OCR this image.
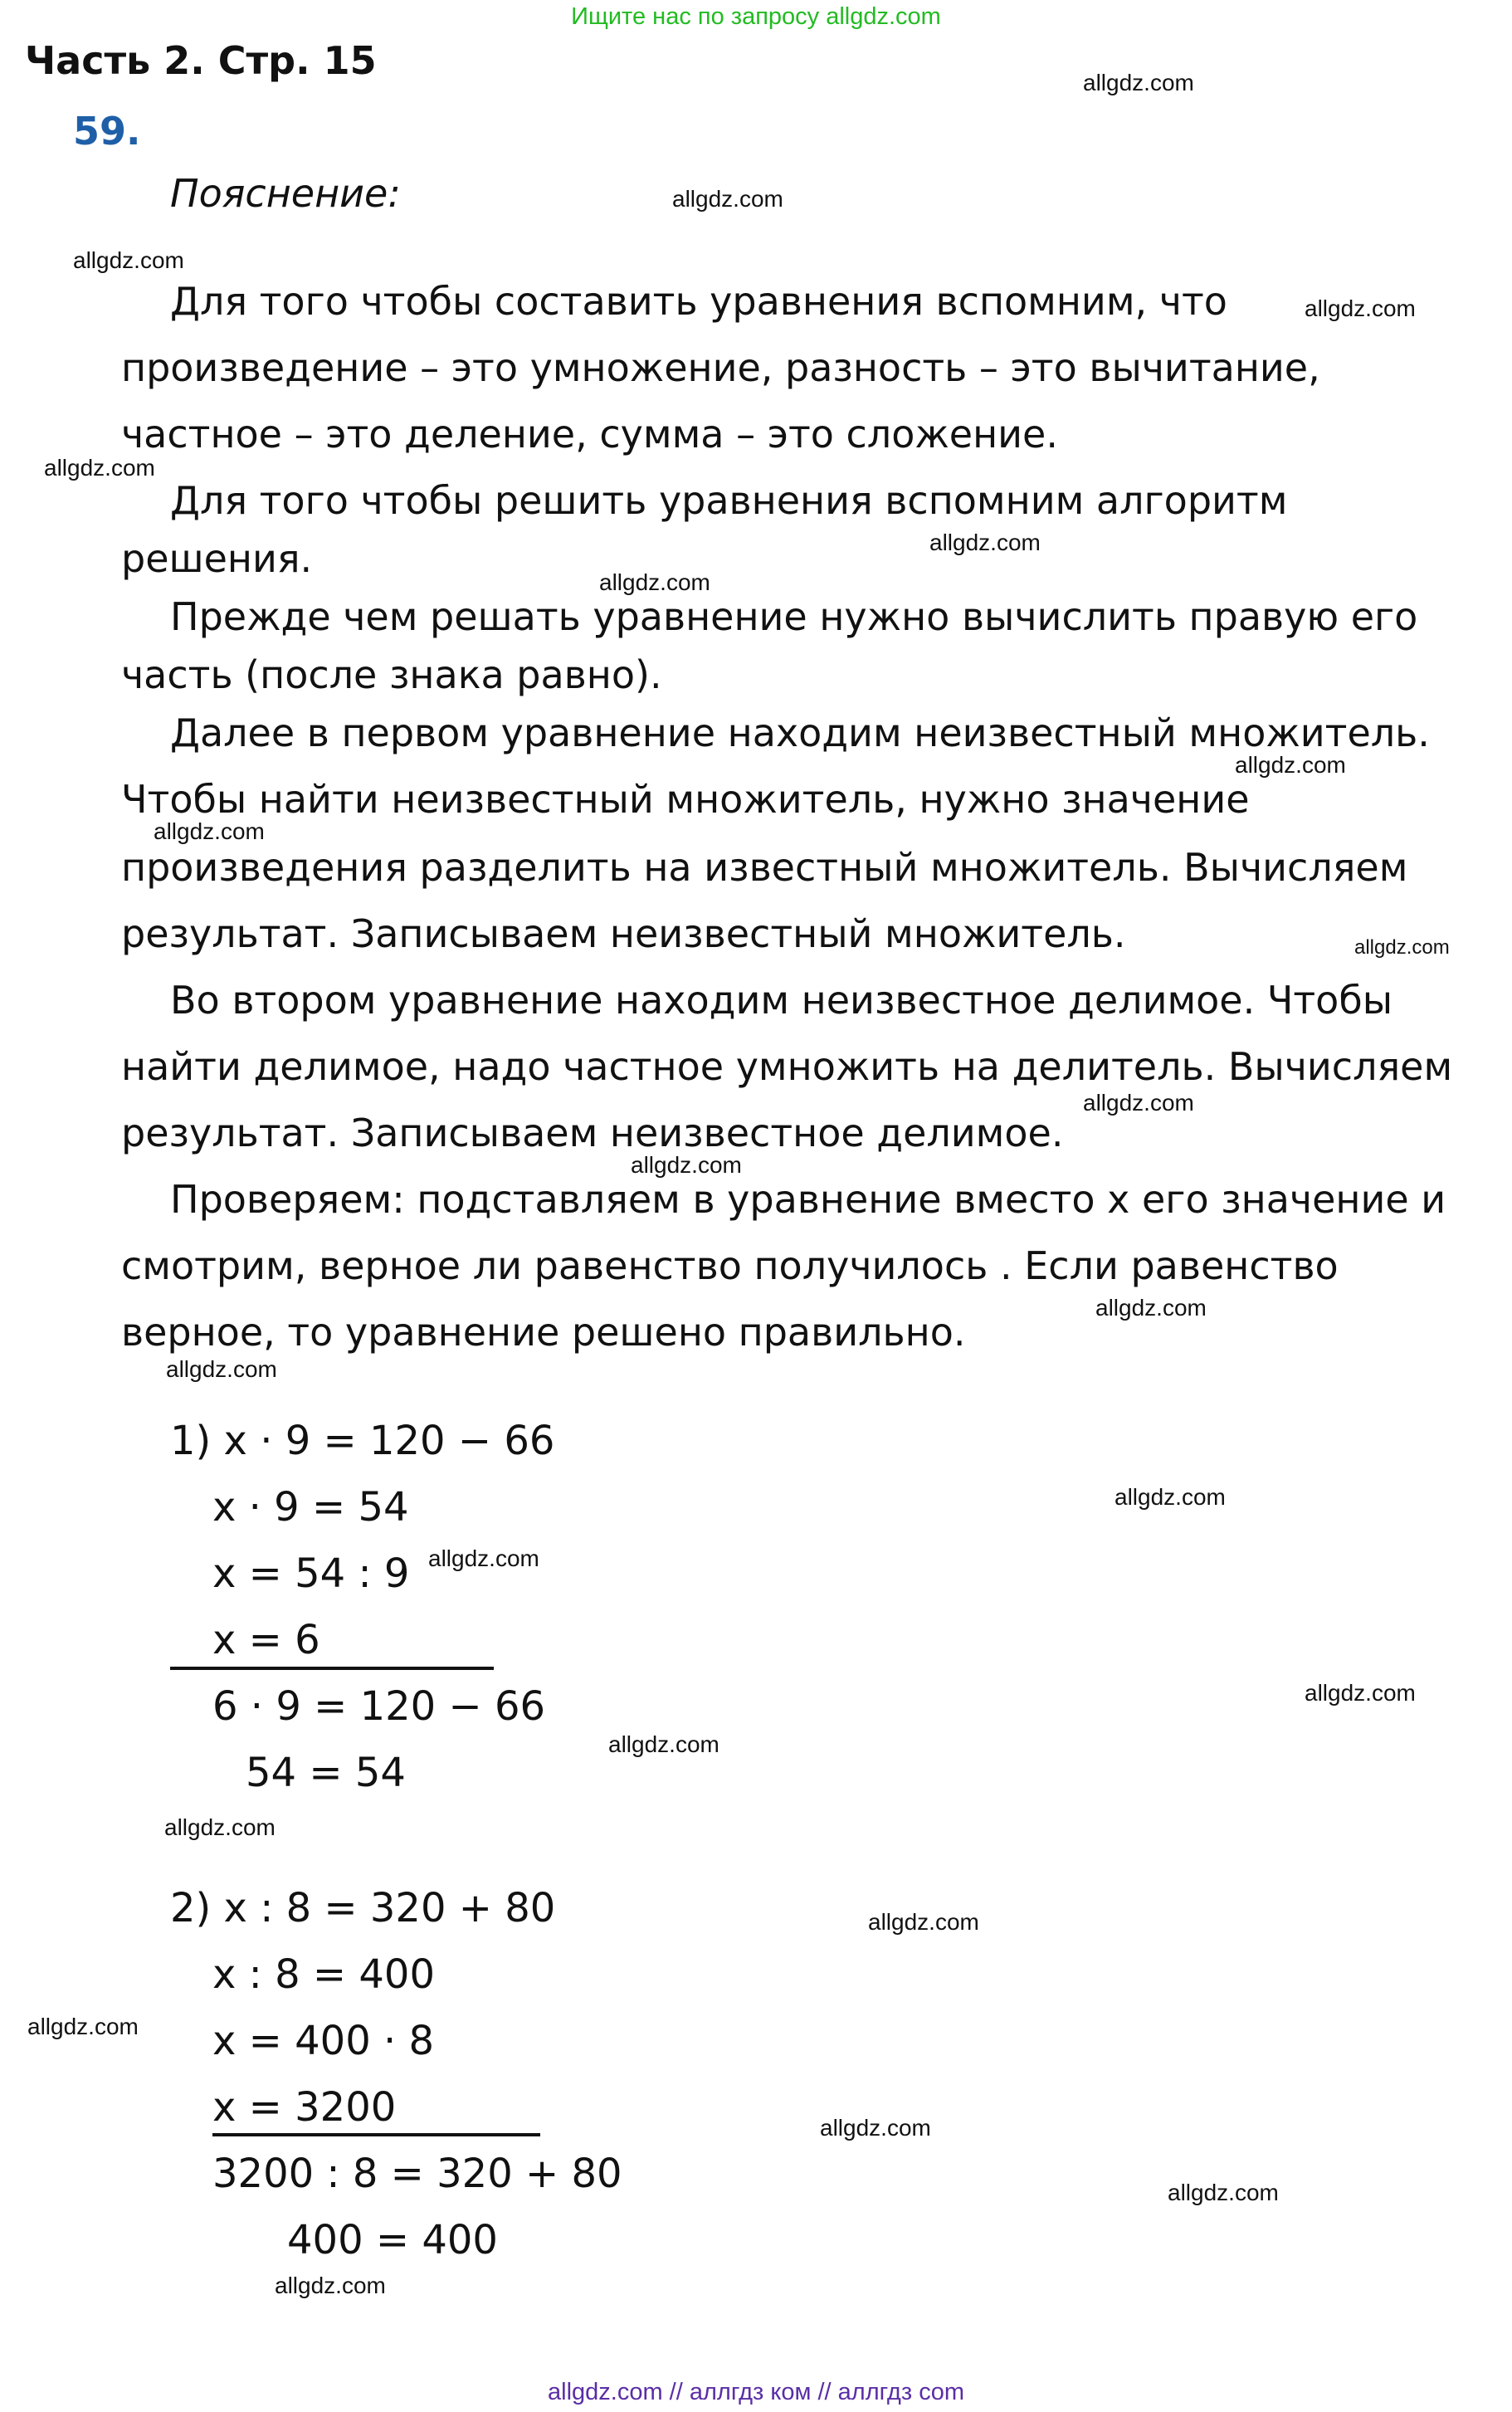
Ищите нас по запросу allgdz.com
Часть 2. Стр. 15
59.
Пояснение:
Для того чтобы составить уравнения вспомним, что
произведение – это умножение, разность – это вычитание,
частное – это деление, сумма – это сложение.
Для того чтобы решить уравнения вспомним алгоритм
решения.
Прежде чем решать уравнение нужно вычислить правую его
часть (после знака равно).
Далее в первом уравнение находим неизвестный множитель.
Чтобы найти неизвестный множитель, нужно значение
произведения разделить на известный множитель. Вычисляем
результат. Записываем неизвестный множитель.
Во втором уравнение находим неизвестное делимое. Чтобы
найти делимое, надо частное умножить на делитель. Вычисляем
результат. Записываем неизвестное делимое.
Проверяем: подставляем в уравнение вместо x его значение и
смотрим, верное ли равенство получилось . Если равенство
верное, то уравнение решено правильно.
1) x · 9 = 120 − 66
x · 9 = 54
x = 54 : 9
x = 6
6 · 9 = 120 − 66
54 = 54
2) x : 8 = 320 + 80
x : 8 = 400
x = 400 · 8
x = 3200
3200 : 8 = 320 + 80
400 = 400
allgdz.com
allgdz.com
allgdz.com
allgdz.com
allgdz.com
allgdz.com
allgdz.com
allgdz.com
allgdz.com
allgdz.com
allgdz.com
allgdz.com
allgdz.com
allgdz.com
allgdz.com
allgdz.com
allgdz.com
allgdz.com
allgdz.com
allgdz.com
allgdz.com
allgdz.com
allgdz.com
allgdz.com
allgdz.com // аллгдз ком // аллгдз com
